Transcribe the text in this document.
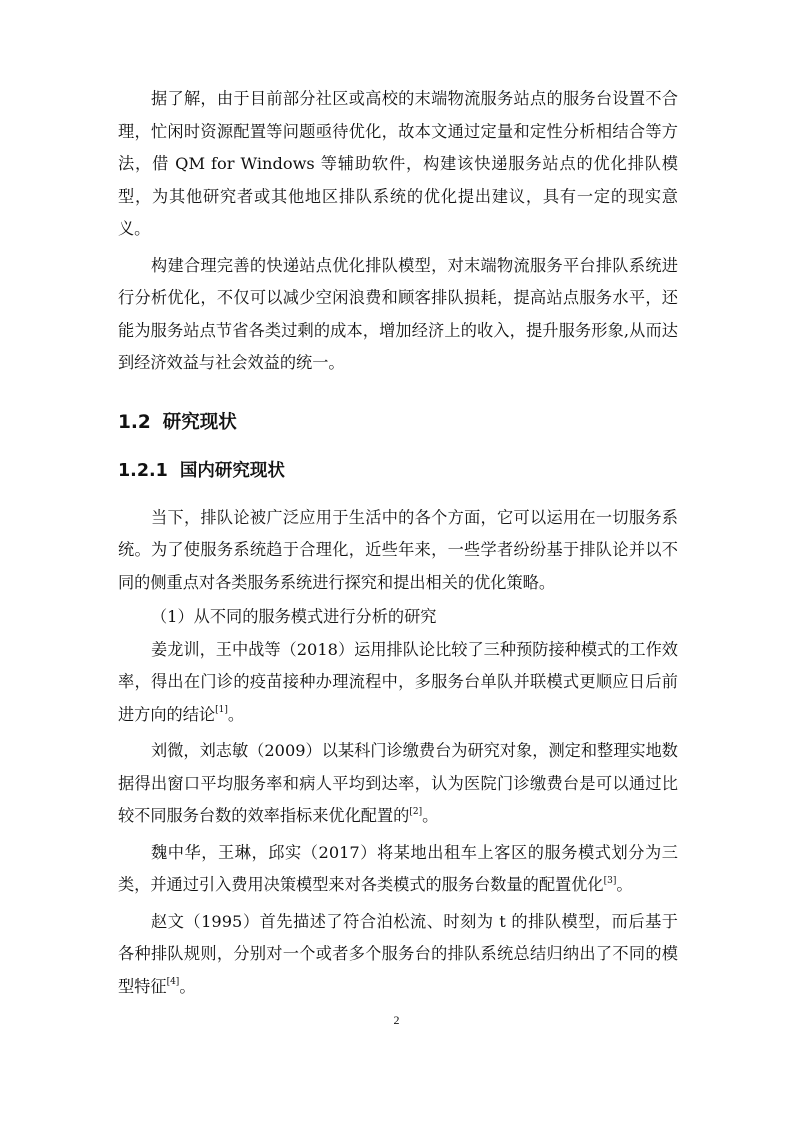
据了解，由于目前部分社区或高校的末端物流服务站点的服务台设置不合理，忙闲时资源配置等问题亟待优化，故本文通过定量和定性分析相结合等方法，借 QM for Windows 等辅助软件，构建该快递服务站点的优化排队模型，为其他研究者或其他地区排队系统的优化提出建议，具有一定的现实意义。

构建合理完善的快递站点优化排队模型，对末端物流服务平台排队系统进行分析优化，不仅可以减少空闲浪费和顾客排队损耗，提高站点服务水平，还能为服务站点节省各类过剩的成本，增加经济上的收入，提升服务形象,从而达到经济效益与社会效益的统一。

1.2 研究现状
1.2.1 国内研究现状

当下，排队论被广泛应用于生活中的各个方面，它可以运用在一切服务系统。为了使服务系统趋于合理化，近些年来，一些学者纷纷基于排队论并以不同的侧重点对各类服务系统进行探究和提出相关的优化策略。

（1）从不同的服务模式进行分析的研究

姜龙训，王中战等（2018）运用排队论比较了三种预防接种模式的工作效率，得出在门诊的疫苗接种办理流程中，多服务台单队并联模式更顺应日后前进方向的结论[1]。

刘微，刘志敏（2009）以某科门诊缴费台为研究对象，测定和整理实地数据得出窗口平均服务率和病人平均到达率，认为医院门诊缴费台是可以通过比较不同服务台数的效率指标来优化配置的[2]。

魏中华，王琳，邱实（2017）将某地出租车上客区的服务模式划分为三类，并通过引入费用决策模型来对各类模式的服务台数量的配置优化[3]。

赵文（1995）首先描述了符合泊松流、时刻为 t 的排队模型，而后基于各种排队规则，分别对一个或者多个服务台的排队系统总结归纳出了不同的模型特征[4]。

2
